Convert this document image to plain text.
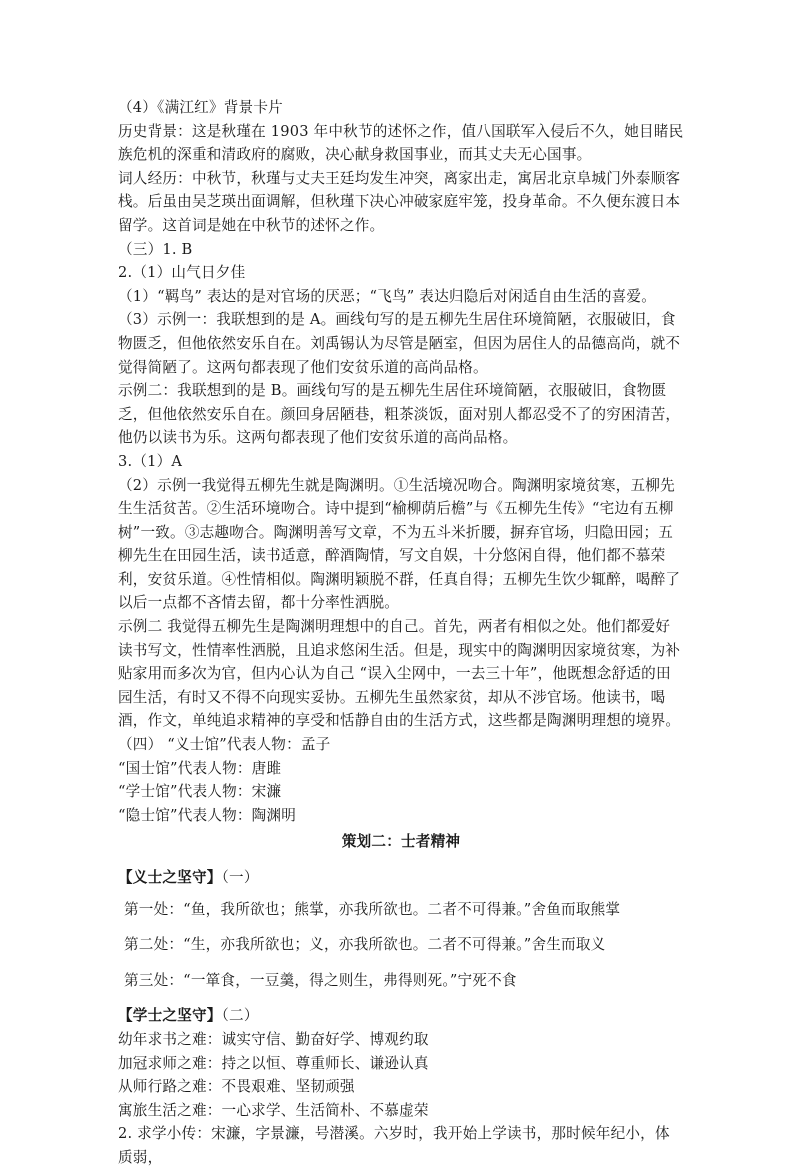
（4）《满江红》背景卡片

历史背景：这是秋瑾在 1903 年中秋节的述怀之作，值八国联军入侵后不久，她目睹民族危机的深重和清政府的腐败，决心献身救国事业，而其丈夫无心国事。

词人经历：中秋节，秋瑾与丈夫王廷均发生冲突，离家出走，寓居北京阜城门外泰顺客栈。后虽由吴芝瑛出面调解，但秋瑾下决心冲破家庭牢笼，投身革命。不久便东渡日本留学。这首词是她在中秋节的述怀之作。

（三）1. B

2.（1）山气日夕佳

（1）“羁鸟” 表达的是对官场的厌恶；“飞鸟” 表达归隐后对闲适自由生活的喜爱。

（3）示例一：我联想到的是 A。画线句写的是五柳先生居住环境简陋，衣服破旧，食物匮乏，但他依然安乐自在。刘禹锡认为尽管是陋室，但因为居住人的品德高尚，就不觉得简陋了。这两句都表现了他们安贫乐道的高尚品格。

示例二：我联想到的是 B。画线句写的是五柳先生居住环境简陋，衣服破旧，食物匮乏，但他依然安乐自在。颜回身居陋巷，粗茶淡饭，面对别人都忍受不了的穷困清苦，他仍以读书为乐。这两句都表现了他们安贫乐道的高尚品格。

3.（1）A

（2）示例一我觉得五柳先生就是陶渊明。①生活境况吻合。陶渊明家境贫寒，五柳先生生活贫苦。②生活环境吻合。诗中提到“榆柳荫后檐”与《五柳先生传》“宅边有五柳树”一致。③志趣吻合。陶渊明善写文章，不为五斗米折腰，摒弃官场，归隐田园；五柳先生在田园生活，读书适意，醉酒陶情，写文自娱，十分悠闲自得，他们都不慕荣利，安贫乐道。④性情相似。陶渊明颖脱不群，任真自得；五柳先生饮少辄醉，喝醉了以后一点都不吝情去留，都十分率性洒脱。

示例二 我觉得五柳先生是陶渊明理想中的自己。首先，两者有相似之处。他们都爱好读书写文，性情率性洒脱，且追求悠闲生活。但是，现实中的陶渊明因家境贫寒，为补贴家用而多次为官，但内心认为自己 “误入尘网中，一去三十年”，他既想念舒适的田园生活，有时又不得不向现实妥协。五柳先生虽然家贫，却从不涉官场。他读书，喝酒，作文，单纯追求精神的享受和恬静自由的生活方式，这些都是陶渊明理想的境界。

（四） “义士馆”代表人物：孟子

“国士馆”代表人物：唐雎

“学士馆”代表人物：宋濂

“隐士馆”代表人物：陶渊明

策划二：士者精神

【义士之坚守】（一）

第一处：“鱼，我所欲也；熊掌，亦我所欲也。二者不可得兼。”舍鱼而取熊掌

第二处：“生，亦我所欲也；义，亦我所欲也。二者不可得兼。”舍生而取义

第三处：“一箪食，一豆羹，得之则生，弗得则死。”宁死不食

【学士之坚守】（二）

幼年求书之难：诚实守信、勤奋好学、博观约取

加冠求师之难：持之以恒、尊重师长、谦逊认真

从师行路之难：不畏艰难、坚韧顽强

寓旅生活之难：一心求学、生活简朴、不慕虚荣

2. 求学小传：宋濂，字景濂，号潜溪。六岁时，我开始上学读书，那时候年纪小，体质弱，
